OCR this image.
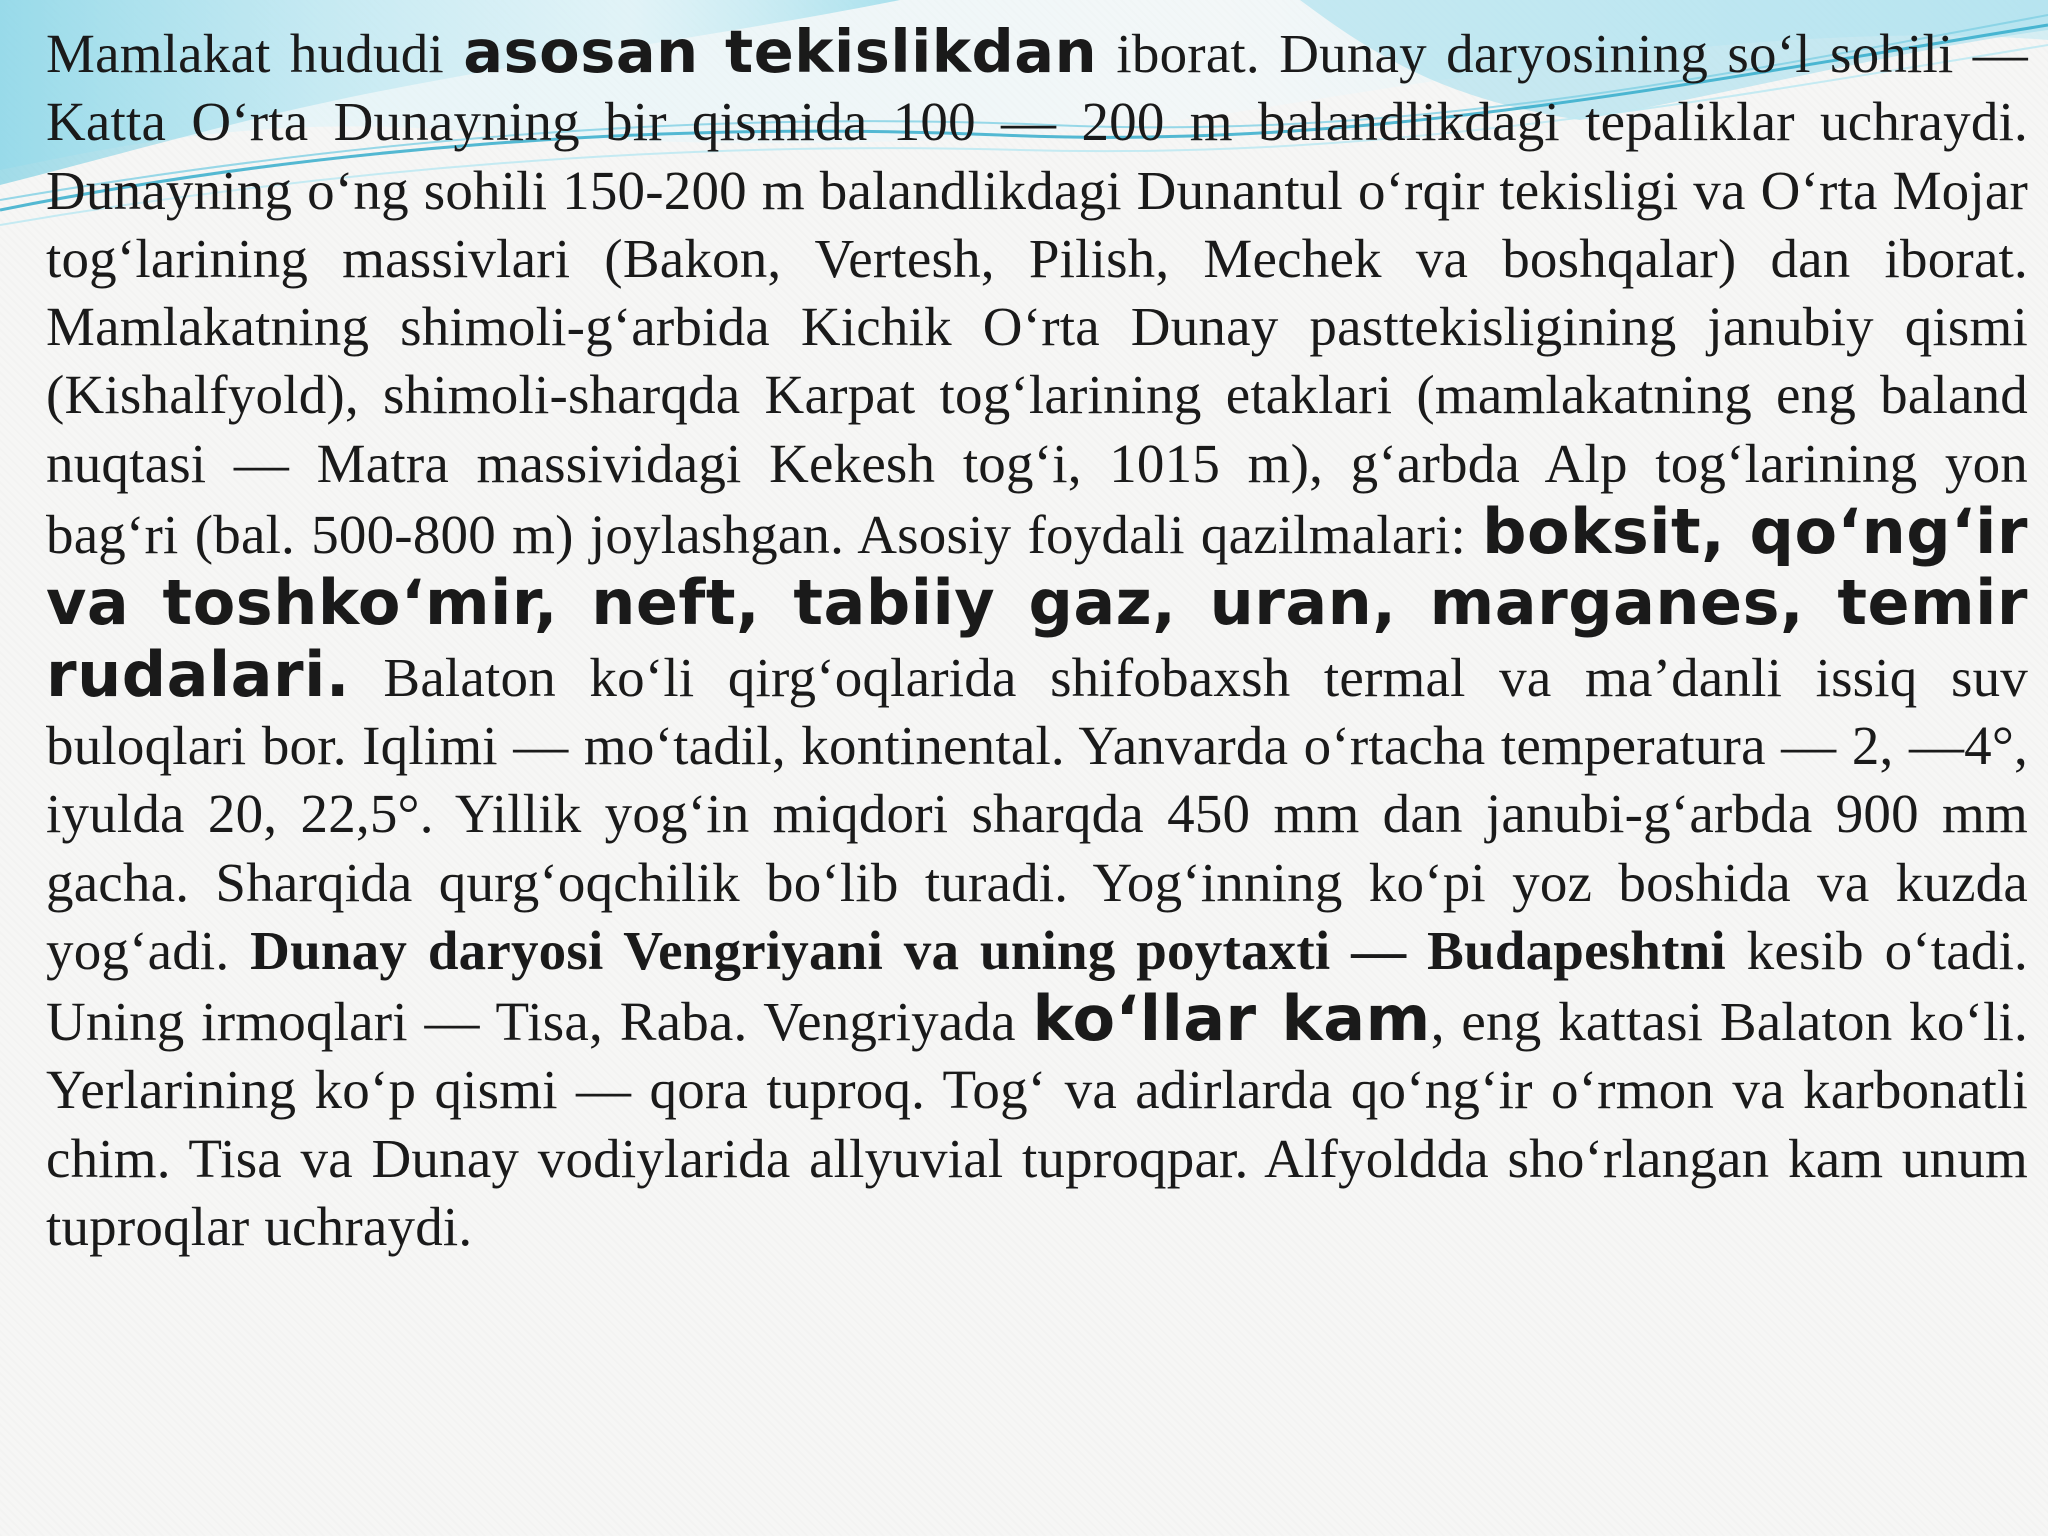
Mamlakat hududi asosan tekislikdan iborat. Dunay daryosining so‘l sohili — Katta O‘rta Dunayning bir qismida 100 — 200 m balandlikdagi tepaliklar uchraydi. Dunayning o‘ng sohili 150-200 m balandlikdagi Dunantul o‘rqir tekisligi va O‘rta Mojar tog‘larining massivlari (Bakon, Vertesh, Pilish, Mechek va boshqalar) dan iborat. Mamlakatning shimoli-g‘arbida Kichik O‘rta Dunay pasttekisligining janubiy qismi (Kishalfyold), shimoli-sharqda Karpat tog‘larining etaklari (mamlakatning eng baland nuqtasi — Matra massividagi Kekesh tog‘i, 1015 m), g‘arbda Alp tog‘larining yon bag‘ri (bal. 500-800 m) joylashgan. Asosiy foydali qazilmalari: boksit, qo‘ng‘ir va toshko‘mir, neft, tabiiy gaz, uran, marganes, temir rudalari. Balaton ko‘li qirg‘oqlarida shifobaxsh termal va ma’danli issiq suv buloqlari bor. Iqlimi — mo‘tadil, kontinental. Yanvarda o‘rtacha temperatura — 2, —4°, iyulda 20, 22,5°. Yillik yog‘in miqdori sharqda 450 mm dan janubi-g‘arbda 900 mm gacha. Sharqida qurg‘oqchilik bo‘lib turadi. Yog‘inning ko‘pi yoz boshida va kuzda yog‘adi. Dunay daryosi Vengriyani va uning poytaxti — Budapeshtni kesib o‘tadi. Uning irmoqlari — Tisa, Raba. Vengriyada ko‘llar kam, eng kattasi Balaton ko‘li. Yerlarining ko‘p qismi — qora tuproq. Tog‘ va adirlarda qo‘ng‘ir o‘rmon va karbonatli chim. Tisa va Dunay vodiylarida allyuvial tuproqpar. Alfyoldda sho‘rlangan kam unum tuproqlar uchraydi.
